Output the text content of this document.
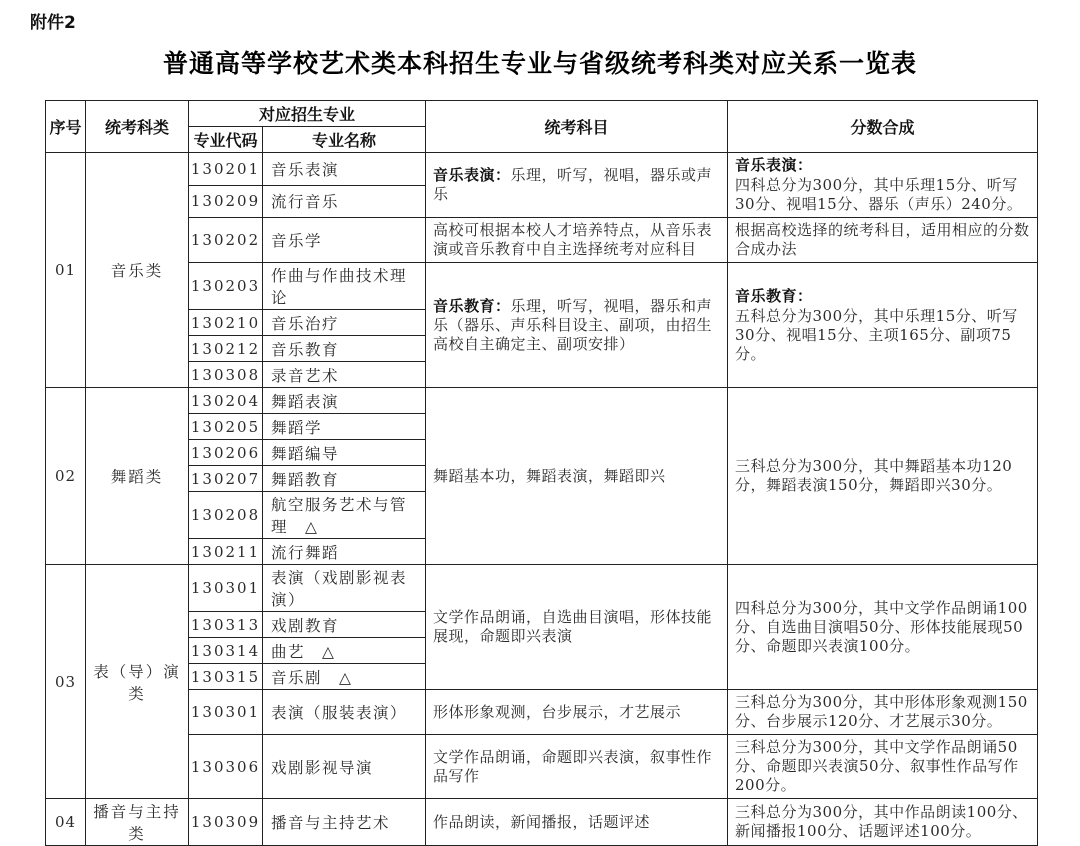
附件2
普通高等学校艺术类本科招生专业与省级统考科类对应关系一览表
序号	统考科类	对应招生专业		统考科目	分数合成
		专业代码	专业名称		
01	音乐类	130201	音乐表演	音乐表演：乐理，听写，视唱，器乐或声乐	音乐表演：
四科总分为300分，其中乐理15分、听写30分、视唱15分、器乐（声乐）240分。
		130209	流行音乐		
		130202	音乐学	高校可根据本校人才培养特点，从音乐表演或音乐教育中自主选择统考对应科目	根据高校选择的统考科目，适用相应的分数合成办法
		130203	作曲与作曲技术理论	音乐教育：乐理，听写，视唱，器乐和声乐（器乐、声乐科目设主、副项，由招生高校自主确定主、副项安排）	音乐教育：
五科总分为300分，其中乐理15分、听写30分、视唱15分、主项165分、副项75分。
		130210	音乐治疗		
		130212	音乐教育		
		130308	录音艺术		
02	舞蹈类	130204	舞蹈表演	舞蹈基本功，舞蹈表演，舞蹈即兴	三科总分为300分，其中舞蹈基本功120分，舞蹈表演150分，舞蹈即兴30分。
		130205	舞蹈学		
		130206	舞蹈编导		
		130207	舞蹈教育		
		130208	航空服务艺术与管理　△		
		130211	流行舞蹈		
03	表（导）演类	130301	表演（戏剧影视表演）	文学作品朗诵，自选曲目演唱，形体技能展现，命题即兴表演	四科总分为300分，其中文学作品朗诵100分、自选曲目演唱50分、形体技能展现50分、命题即兴表演100分。
		130313	戏剧教育		
		130314	曲艺　△		
		130315	音乐剧　△		
		130301	表演（服装表演）	形体形象观测，台步展示，才艺展示	三科总分为300分，其中形体形象观测150分、台步展示120分、才艺展示30分。
		130306	戏剧影视导演	文学作品朗诵，命题即兴表演，叙事性作品写作	三科总分为300分，其中文学作品朗诵50分、命题即兴表演50分、叙事性作品写作200分。
04	播音与主持类	130309	播音与主持艺术	作品朗读，新闻播报，话题评述	三科总分为300分，其中作品朗读100分、新闻播报100分、话题评述100分。
